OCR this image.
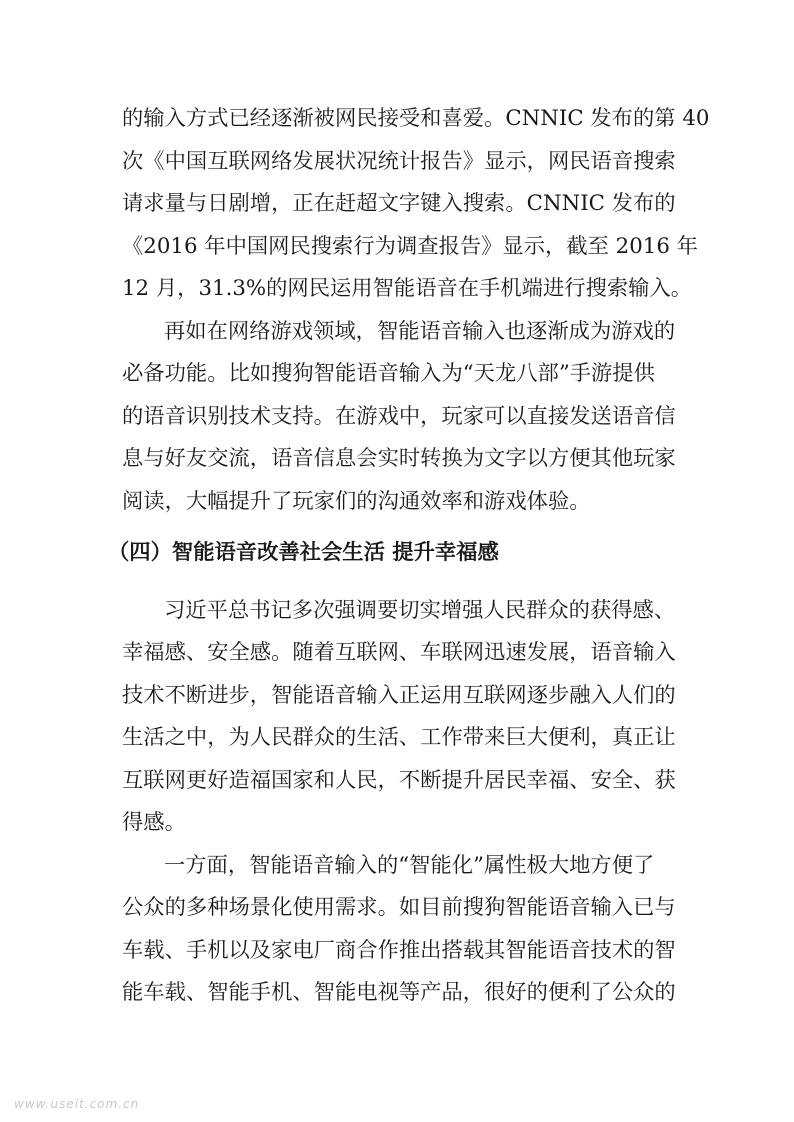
的输入方式已经逐渐被网民接受和喜爱。CNNIC 发布的第 40
次《中国互联网络发展状况统计报告》显示，网民语音搜索
请求量与日剧增，正在赶超文字键入搜索。CNNIC 发布的
《2016 年中国网民搜索行为调查报告》显示，截至 2016 年
12 月，31.3%的网民运用智能语音在手机端进行搜索输入。
再如在网络游戏领域，智能语音输入也逐渐成为游戏的
必备功能。比如搜狗智能语音输入为“天龙八部”手游提供
的语音识别技术支持。在游戏中，玩家可以直接发送语音信
息与好友交流，语音信息会实时转换为文字以方便其他玩家
阅读，大幅提升了玩家们的沟通效率和游戏体验。
（四）智能语音改善社会生活 提升幸福感
习近平总书记多次强调要切实增强人民群众的获得感、
幸福感、安全感。随着互联网、车联网迅速发展，语音输入
技术不断进步，智能语音输入正运用互联网逐步融入人们的
生活之中，为人民群众的生活、工作带来巨大便利，真正让
互联网更好造福国家和人民，不断提升居民幸福、安全、获
得感。
一方面，智能语音输入的“智能化”属性极大地方便了
公众的多种场景化使用需求。如目前搜狗智能语音输入已与
车载、手机以及家电厂商合作推出搭载其智能语音技术的智
能车载、智能手机、智能电视等产品，很好的便利了公众的
www.useit.com.cn
